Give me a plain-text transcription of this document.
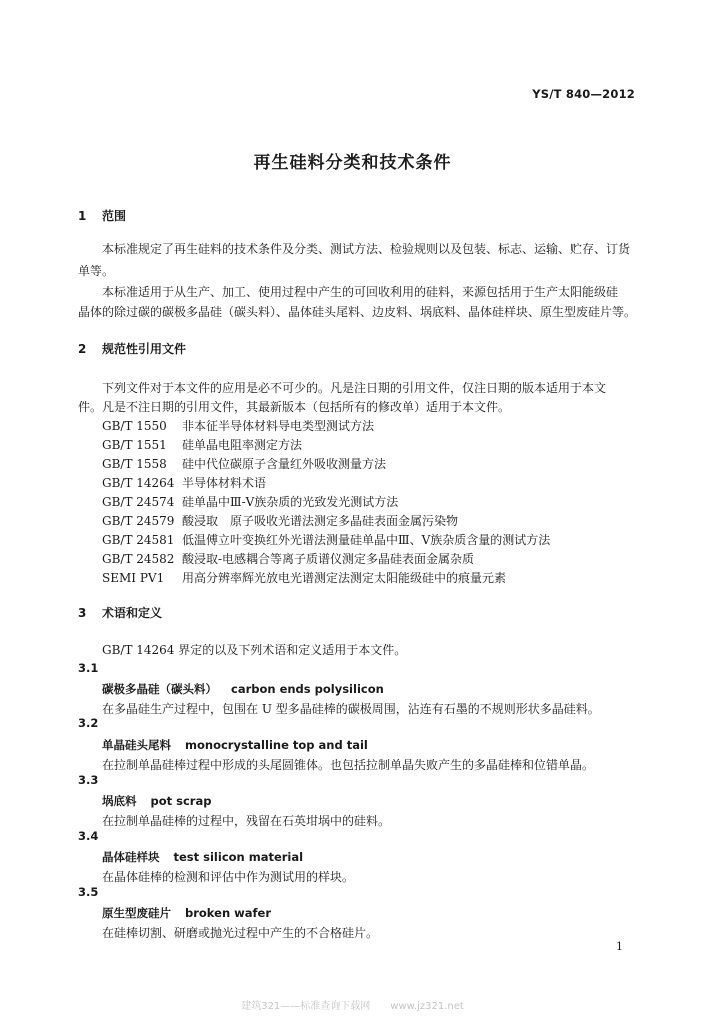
YS/T 840—2012
再生硅料分类和技术条件
1 范围
本标准规定了再生硅料的技术条件及分类、测试方法、检验规则以及包装、标志、运输、贮存、订货
单等。
本标准适用于从生产、加工、使用过程中产生的可回收利用的硅料，来源包括用于生产太阳能级硅
晶体的除过碳的碳极多晶硅（碳头料）、晶体硅头尾料、边皮料、埚底料、晶体硅样块、原生型废硅片等。
2 规范性引用文件
下列文件对于本文件的应用是必不可少的。凡是注日期的引用文件，仅注日期的版本适用于本文
件。凡是不注日期的引用文件，其最新版本（包括所有的修改单）适用于本文件。
GB/T 1550 非本征半导体材料导电类型测试方法
GB/T 1551 硅单晶电阻率测定方法
GB/T 1558 硅中代位碳原子含量红外吸收测量方法
GB/T 14264 半导体材料术语
GB/T 24574 硅单晶中Ⅲ-Ⅴ族杂质的光致发光测试方法
GB/T 24579 酸浸取　原子吸收光谱法测定多晶硅表面金属污染物
GB/T 24581 低温傅立叶变换红外光谱法测量硅单晶中Ⅲ、Ⅴ族杂质含量的测试方法
GB/T 24582 酸浸取-电感耦合等离子质谱仪测定多晶硅表面金属杂质
SEMI PV1 用高分辨率辉光放电光谱测定法测定太阳能级硅中的痕量元素
3 术语和定义
GB/T 14264 界定的以及下列术语和定义适用于本文件。
3.1
碳极多晶硅（碳头料） carbon ends polysilicon
在多晶硅生产过程中，包围在 U 型多晶硅棒的碳极周围，沾连有石墨的不规则形状多晶硅料。
3.2
单晶硅头尾料 monocrystalline top and tail
在拉制单晶硅棒过程中形成的头尾圆锥体。也包括拉制单晶失败产生的多晶硅棒和位错单晶。
3.3
埚底料 pot scrap
在拉制单晶硅棒的过程中，残留在石英坩埚中的硅料。
3.4
晶体硅样块 test silicon material
在晶体硅棒的检测和评估中作为测试用的样块。
3.5
原生型废硅片 broken wafer
在硅棒切割、研磨或抛光过程中产生的不合格硅片。
1
建筑321——标准查询下载网　　www.jz321.net
